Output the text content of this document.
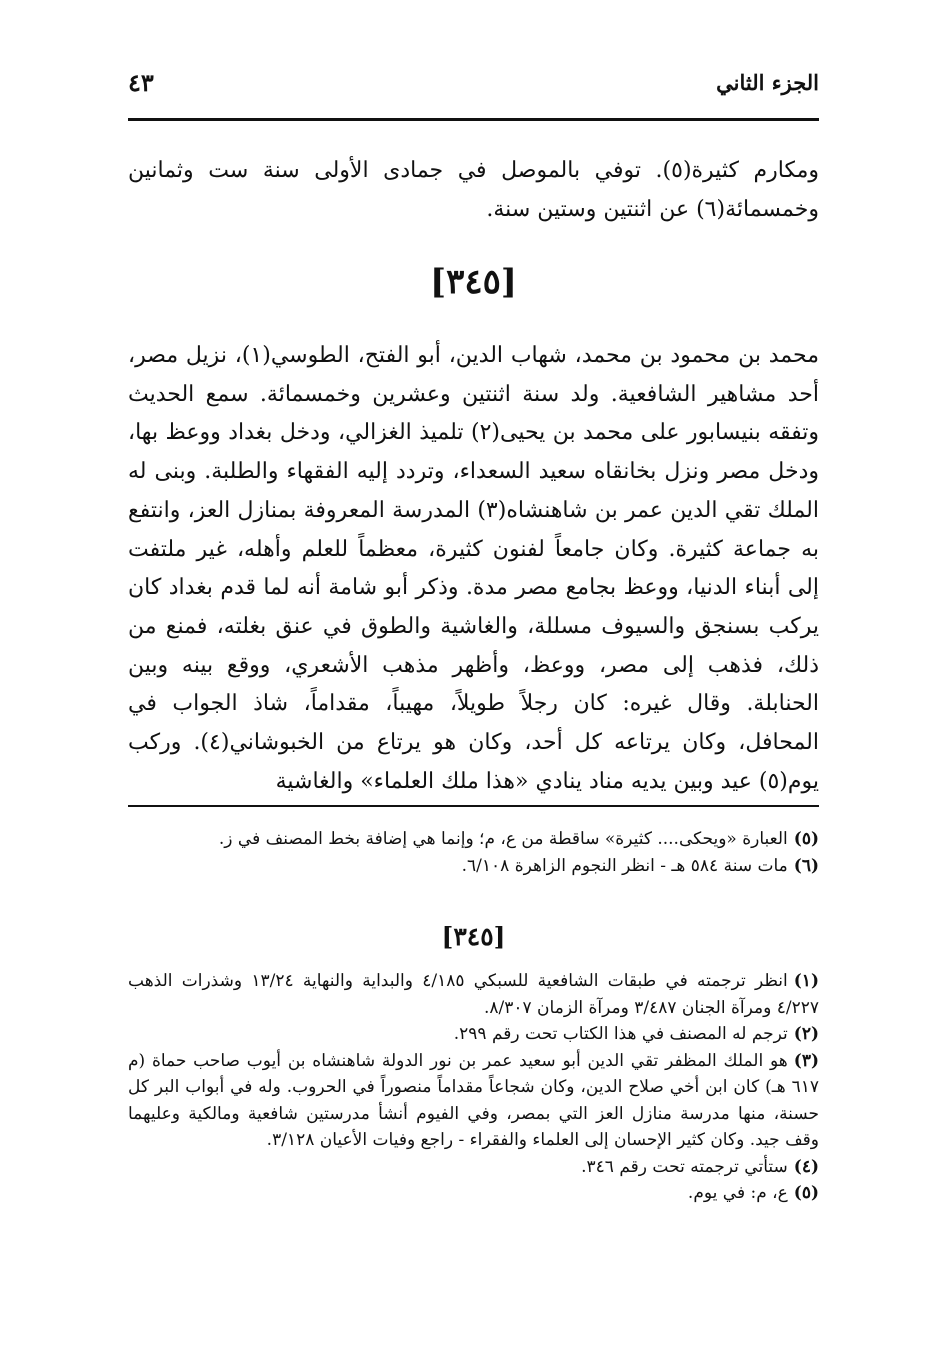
الجزء الثاني
٤٣

ومكارم كثيرة(٥). توفي بالموصل في جمادى الأولى سنة ست وثمانين وخمسمائة(٦) عن اثنتين وستين سنة.

[٣٤٥]

محمد بن محمود بن محمد، شهاب الدين، أبو الفتح، الطوسي(١)، نزيل مصر، أحد مشاهير الشافعية. ولد سنة اثنتين وعشرين وخمسمائة. سمع الحديث وتفقه بنيسابور على محمد بن يحيى(٢) تلميذ الغزالي، ودخل بغداد ووعظ بها، ودخل مصر ونزل بخانقاه سعيد السعداء، وتردد إليه الفقهاء والطلبة. وبنى له الملك تقي الدين عمر بن شاهنشاه(٣) المدرسة المعروفة بمنازل العز، وانتفع به جماعة كثيرة. وكان جامعاً لفنون كثيرة، معظماً للعلم وأهله، غير ملتفت إلى أبناء الدنيا، ووعظ بجامع مصر مدة. وذكر أبو شامة أنه لما قدم بغداد كان يركب بسنجق والسيوف مسللة، والغاشية والطوق في عنق بغلته، فمنع من ذلك، فذهب إلى مصر، ووعظ، وأظهر مذهب الأشعري، ووقع بينه وبين الحنابلة. وقال غيره: كان رجلاً طويلاً، مهيباً، مقداماً، شاذ الجواب في المحافل، وكان يرتاعه كل أحد، وكان هو يرتاع من الخبوشاني(٤). وركب يوم(٥) عيد وبين يديه مناد ينادي «هذا ملك العلماء» والغاشية

(٥)العبارة «ويحكى.... كثيرة» ساقطة من ع، م؛ وإنما هي إضافة بخط المصنف في ز.
(٦)مات سنة ٥٨٤ هـ - انظر النجوم الزاهرة ٦/١٠٨.

[٣٤٥]

(١)انظر ترجمته في طبقات الشافعية للسبكي ٤/١٨٥ والبداية والنهاية ١٣/٢٤ وشذرات الذهب ٤/٢٢٧ ومرآة الجنان ٣/٤٨٧ ومرآة الزمان ٨/٣٠٧.
(٢)ترجم له المصنف في هذا الكتاب تحت رقم ٢٩٩.
(٣)هو الملك المظفر تقي الدين أبو سعيد عمر بن نور الدولة شاهنشاه بن أيوب صاحب حماة (م ٦١٧ هـ) كان ابن أخي صلاح الدين، وكان شجاعاً مقداماً منصوراً في الحروب. وله في أبواب البر كل حسنة، منها مدرسة منازل العز التي بمصر، وفي الفيوم أنشأ مدرستين شافعية ومالكية وعليهما وقف جيد. وكان كثير الإحسان إلى العلماء والفقراء - راجع وفيات الأعيان ٣/١٢٨.
(٤)ستأتي ترجمته تحت رقم ٣٤٦.
(٥)ع، م: في يوم.
